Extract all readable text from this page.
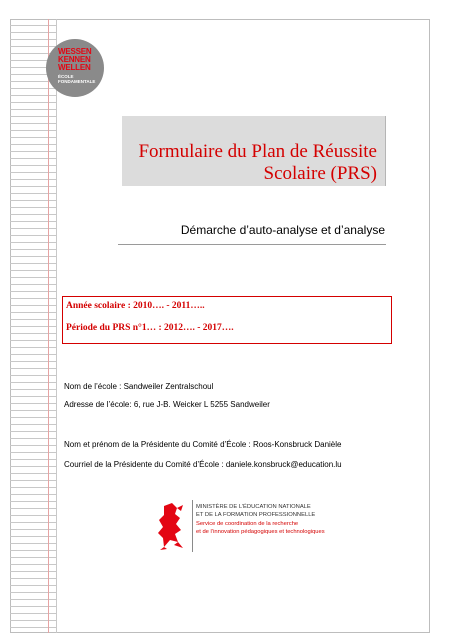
WESSEN
KENNEN
WELLEN
ÉCOLE
FONDAMENTALE
Formulaire du Plan de Réussite
Scolaire (PRS)
Démarche d’auto-analyse et d’analyse
Année scolaire : 2010…. - 2011…..
Période du PRS n°1… : 2012…. - 2017….
Nom de l’école : Sandweiler Zentralschoul
Adresse de l’école: 6, rue J-B. Weicker L 5255 Sandweiler
Nom et prénom de la Présidente du Comité d’École : Roos-Konsbruck Danièle
Courriel de la Présidente du Comité d’École : daniele.konsbruck@education.lu
MINISTÈRE DE L’ÉDUCATION NATIONALE
ET DE LA FORMATION PROFESSIONNELLE
Service de coordination de la recherche
et de l’innovation pédagogiques et technologiques
